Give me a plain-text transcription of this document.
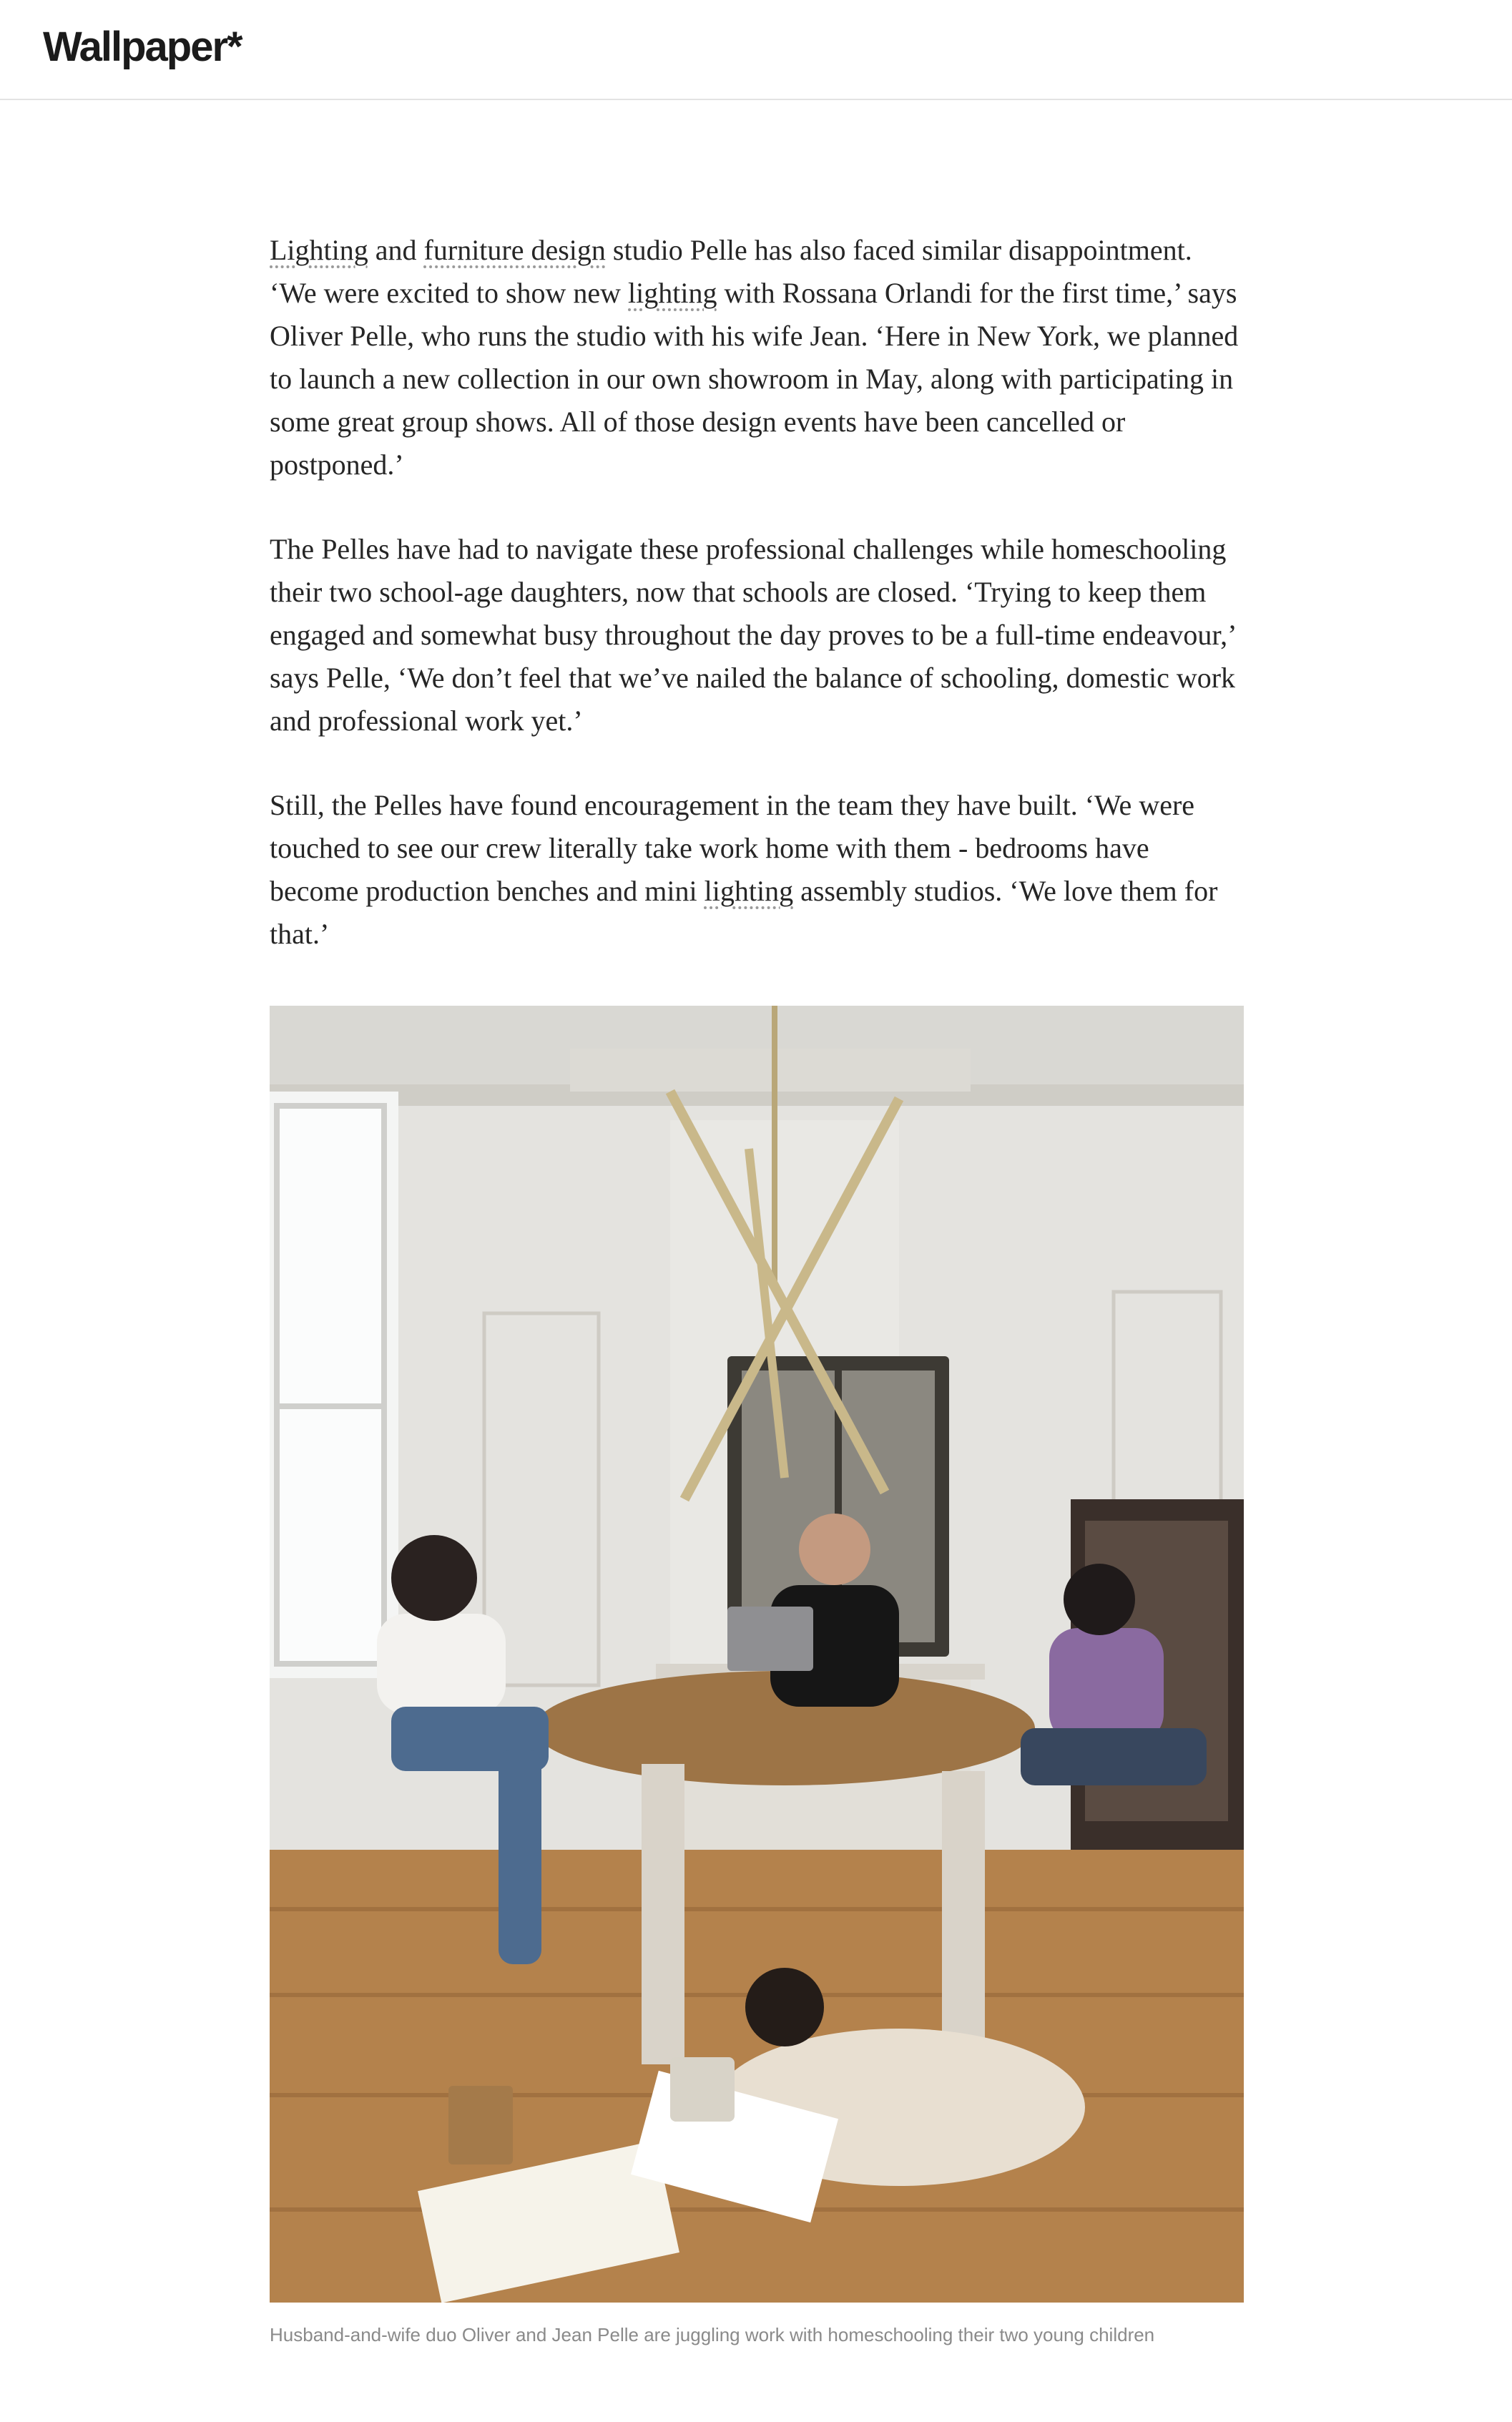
Wallpaper*

Lighting and furniture design studio Pelle has also faced similar disappointment. ‘We were excited to show new lighting with Rossana Orlandi for the first time,’ says Oliver Pelle, who runs the studio with his wife Jean. ‘Here in New York, we planned to launch a new collection in our own showroom in May, along with participating in some great group shows. All of those design events have been cancelled or postponed.’

The Pelles have had to navigate these professional challenges while homeschooling their two school-age daughters, now that schools are closed. ‘Trying to keep them engaged and somewhat busy throughout the day proves to be a full-time endeavour,’ says Pelle, ‘We don’t feel that we’ve nailed the balance of schooling, domestic work and professional work yet.’

Still, the Pelles have found encouragement in the team they have built. ‘We were touched to see our crew literally take work home with them - bedrooms have become production benches and mini lighting assembly studios. ‘We love them for that.’

Husband-and-wife duo Oliver and Jean Pelle are juggling work with homeschooling their two young children
